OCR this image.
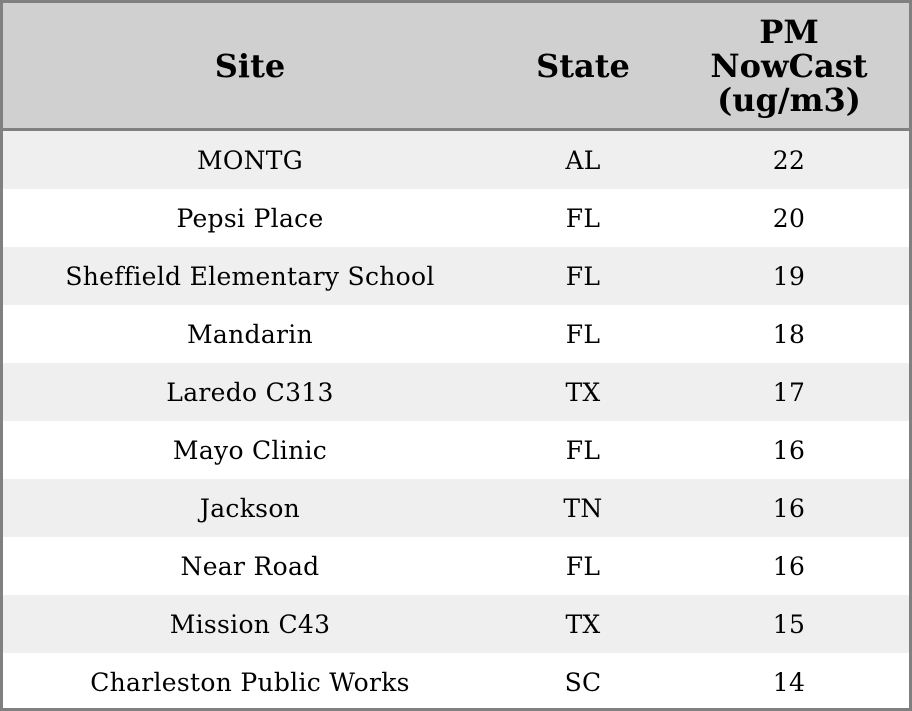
Site	State	PM
NowCast
(ug/m3)

MONTG	AL	22
Pepsi Place	FL	20
Sheffield Elementary School	FL	19
Mandarin	FL	18
Laredo C313	TX	17
Mayo Clinic	FL	16
Jackson	TN	16
Near Road	FL	16
Mission C43	TX	15
Charleston Public Works	SC	14
